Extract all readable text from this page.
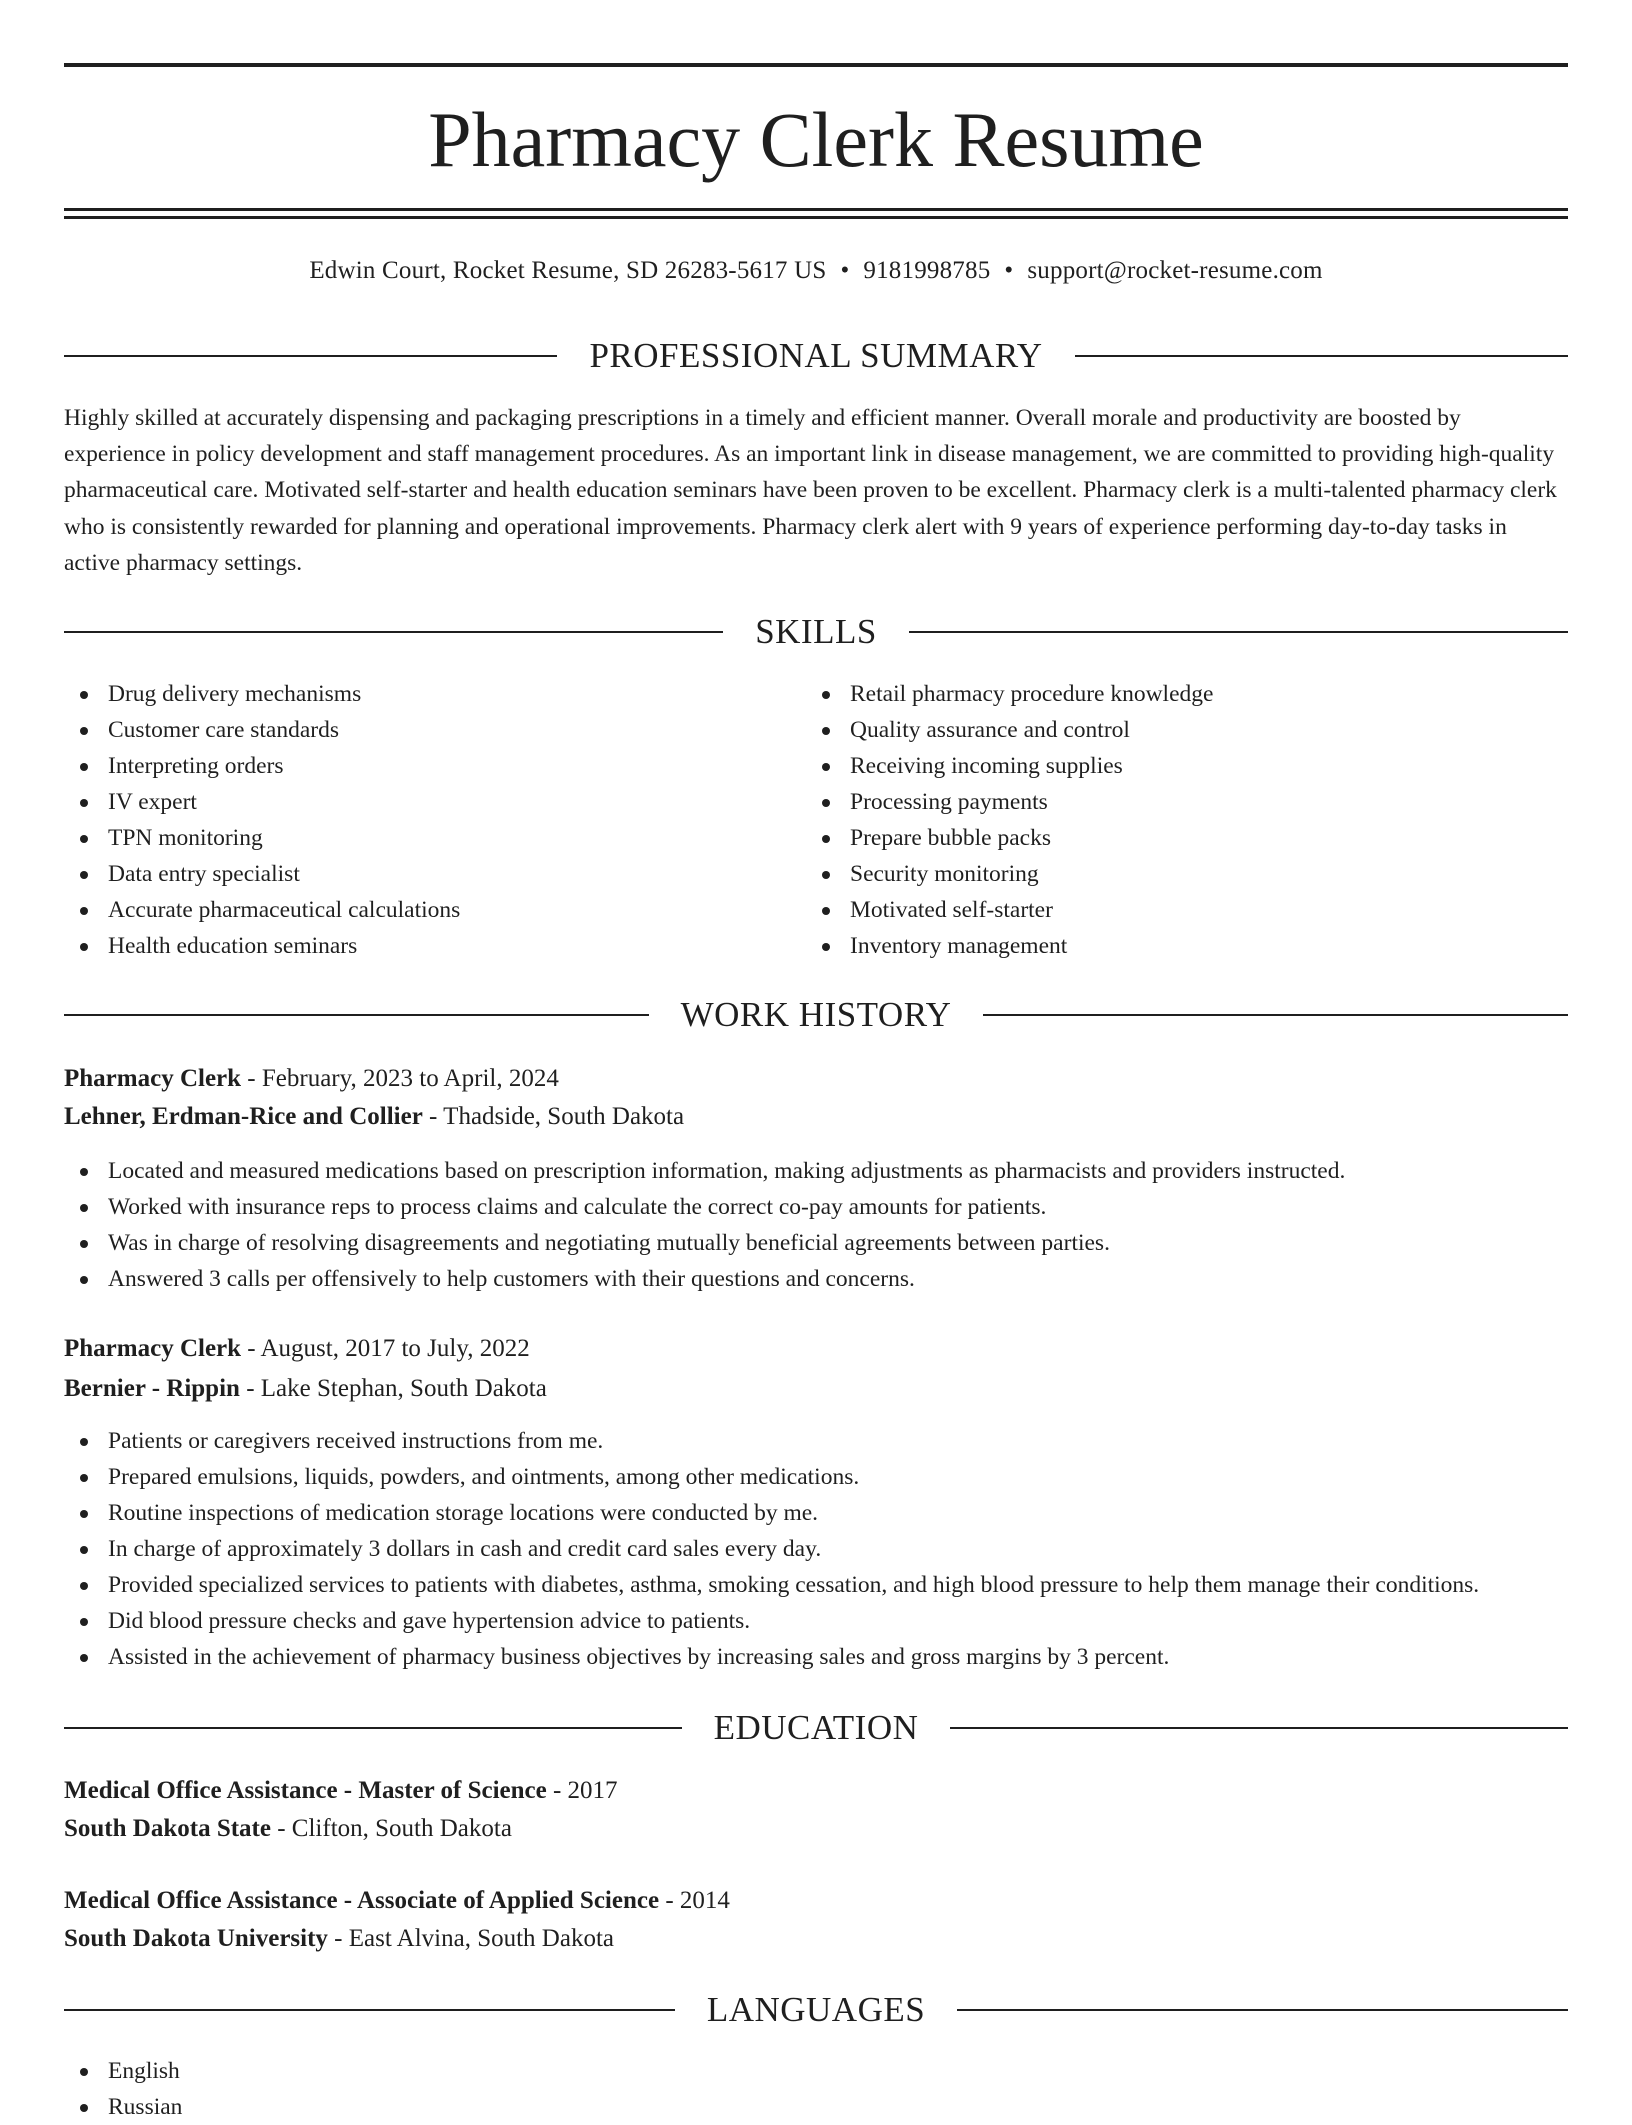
Pharmacy Clerk Resume
Edwin Court, Rocket Resume, SD 26283-5617 US • 9181998785 • support@rocket-resume.com
PROFESSIONAL SUMMARY

Highly skilled at accurately dispensing and packaging prescriptions in a timely and efficient manner. Overall morale and productivity are boosted by experience in policy development and staff management procedures. As an important link in disease management, we are committed to providing high-quality pharmaceutical care. Motivated self-starter and health education seminars have been proven to be excellent. Pharmacy clerk is a multi-talented pharmacy clerk who is consistently rewarded for planning and operational improvements. Pharmacy clerk alert with 9 years of experience performing day-to-day tasks in active pharmacy settings.

SKILLS
Drug delivery mechanisms
Customer care standards
Interpreting orders
IV expert
TPN monitoring
Data entry specialist
Accurate pharmaceutical calculations
Health education seminars
Retail pharmacy procedure knowledge
Quality assurance and control
Receiving incoming supplies
Processing payments
Prepare bubble packs
Security monitoring
Motivated self-starter
Inventory management
WORK HISTORY
Pharmacy Clerk - February, 2023 to April, 2024
Lehner, Erdman-Rice and Collier - Thadside, South Dakota
Located and measured medications based on prescription information, making adjustments as pharmacists and providers instructed.
Worked with insurance reps to process claims and calculate the correct co-pay amounts for patients.
Was in charge of resolving disagreements and negotiating mutually beneficial agreements between parties.
Answered 3 calls per offensively to help customers with their questions and concerns.
Pharmacy Clerk - August, 2017 to July, 2022
Bernier - Rippin - Lake Stephan, South Dakota
Patients or caregivers received instructions from me.
Prepared emulsions, liquids, powders, and ointments, among other medications.
Routine inspections of medication storage locations were conducted by me.
In charge of approximately 3 dollars in cash and credit card sales every day.
Provided specialized services to patients with diabetes, asthma, smoking cessation, and high blood pressure to help them manage their conditions.
Did blood pressure checks and gave hypertension advice to patients.
Assisted in the achievement of pharmacy business objectives by increasing sales and gross margins by 3 percent.
EDUCATION
Medical Office Assistance - Master of Science - 2017
South Dakota State - Clifton, South Dakota
Medical Office Assistance - Associate of Applied Science - 2014
South Dakota University - East Alvina, South Dakota
LANGUAGES
English
Russian
